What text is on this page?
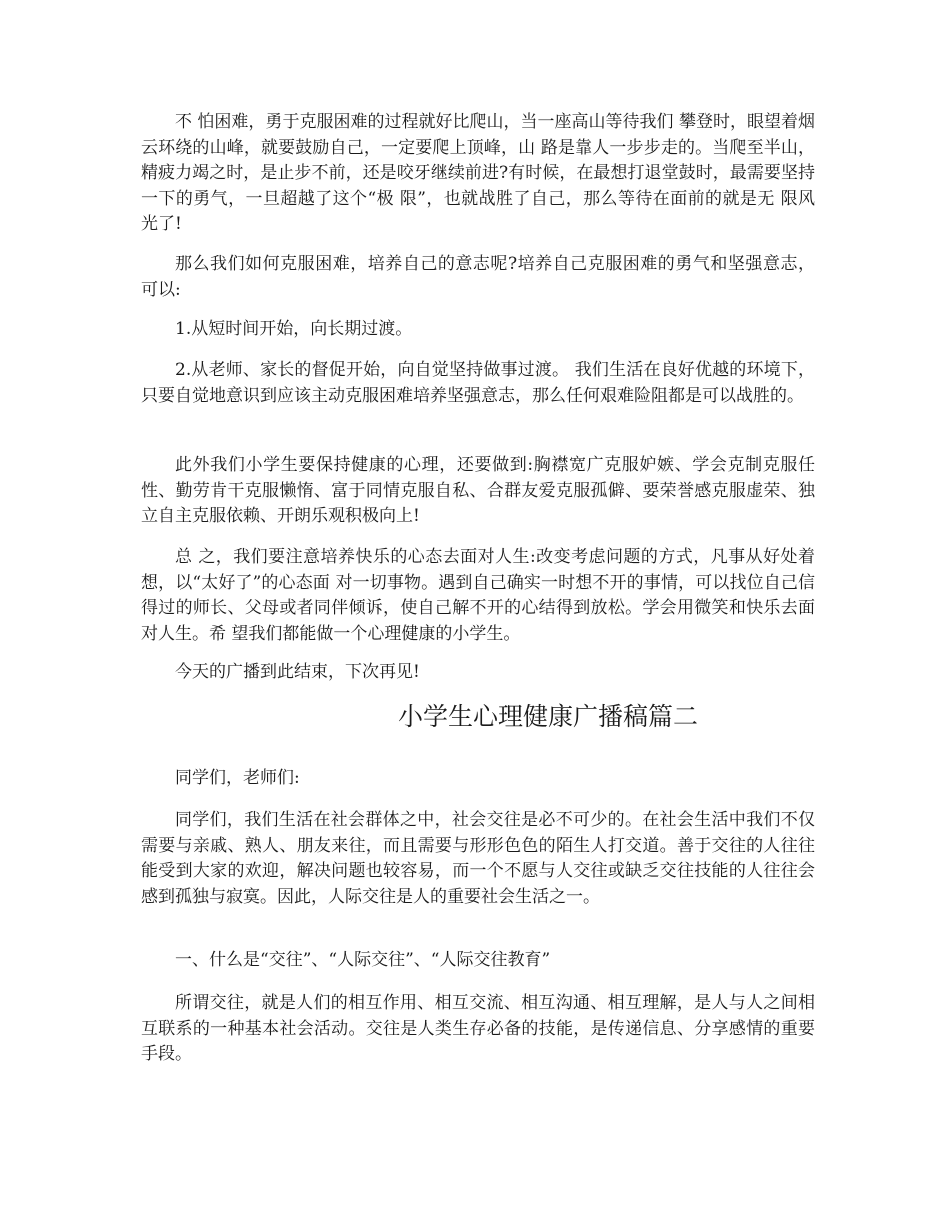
不 怕困难，勇于克服困难的过程就好比爬山，当一座高山等待我们 攀登时，眼望着烟云环绕的山峰，就要鼓励自己，一定要爬上顶峰，山 路是靠人一步步走的。当爬至半山，精疲力竭之时，是止步不前，还是咬牙继续前进?有时候，在最想打退堂鼓时，最需要坚持一下的勇气，一旦超越了这个“极 限”，也就战胜了自己，那么等待在面前的就是无 限风光了!

那么我们如何克服困难，培养自己的意志呢?培养自己克服困难的勇气和坚强意志， 可以:

1.从短时间开始，向长期过渡。

2.从老师、家长的督促开始，向自觉坚持做事过渡。 我们生活在良好优越的环境下，只要自觉地意识到应该主动克服困难培养坚强意志，那么任何艰难险阻都是可以战胜的。

此外我们小学生要保持健康的心理，还要做到:胸襟宽广克服妒嫉、学会克制克服任性、勤劳肯干克服懒惰、富于同情克服自私、合群友爱克服孤僻、要荣誉感克服虚荣、独立自主克服依赖、开朗乐观积极向上!

总 之，我们要注意培养快乐的心态去面对人生:改变考虑问题的方式，凡事从好处着想，以“太好了”的心态面 对一切事物。遇到自己确实一时想不开的事情，可以找位自己信得过的师长、父母或者同伴倾诉，使自己解不开的心结得到放松。学会用微笑和快乐去面对人生。希 望我们都能做一个心理健康的小学生。

今天的广播到此结束，下次再见!

小学生心理健康广播稿篇二

同学们，老师们:

同学们，我们生活在社会群体之中，社会交往是必不可少的。在社会生活中我们不仅需要与亲戚、熟人、朋友来往，而且需要与形形色色的陌生人打交道。善于交往的人往往能受到大家的欢迎，解决问题也较容易，而一个不愿与人交往或缺乏交往技能的人往往会感到孤独与寂寞。因此，人际交往是人的重要社会生活之一。

一、什么是“交往”、“人际交往”、“人际交往教育”

所谓交往，就是人们的相互作用、相互交流、相互沟通、相互理解，是人与人之间相互联系的一种基本社会活动。交往是人类生存必备的技能，是传递信息、分享感情的重要手段。
